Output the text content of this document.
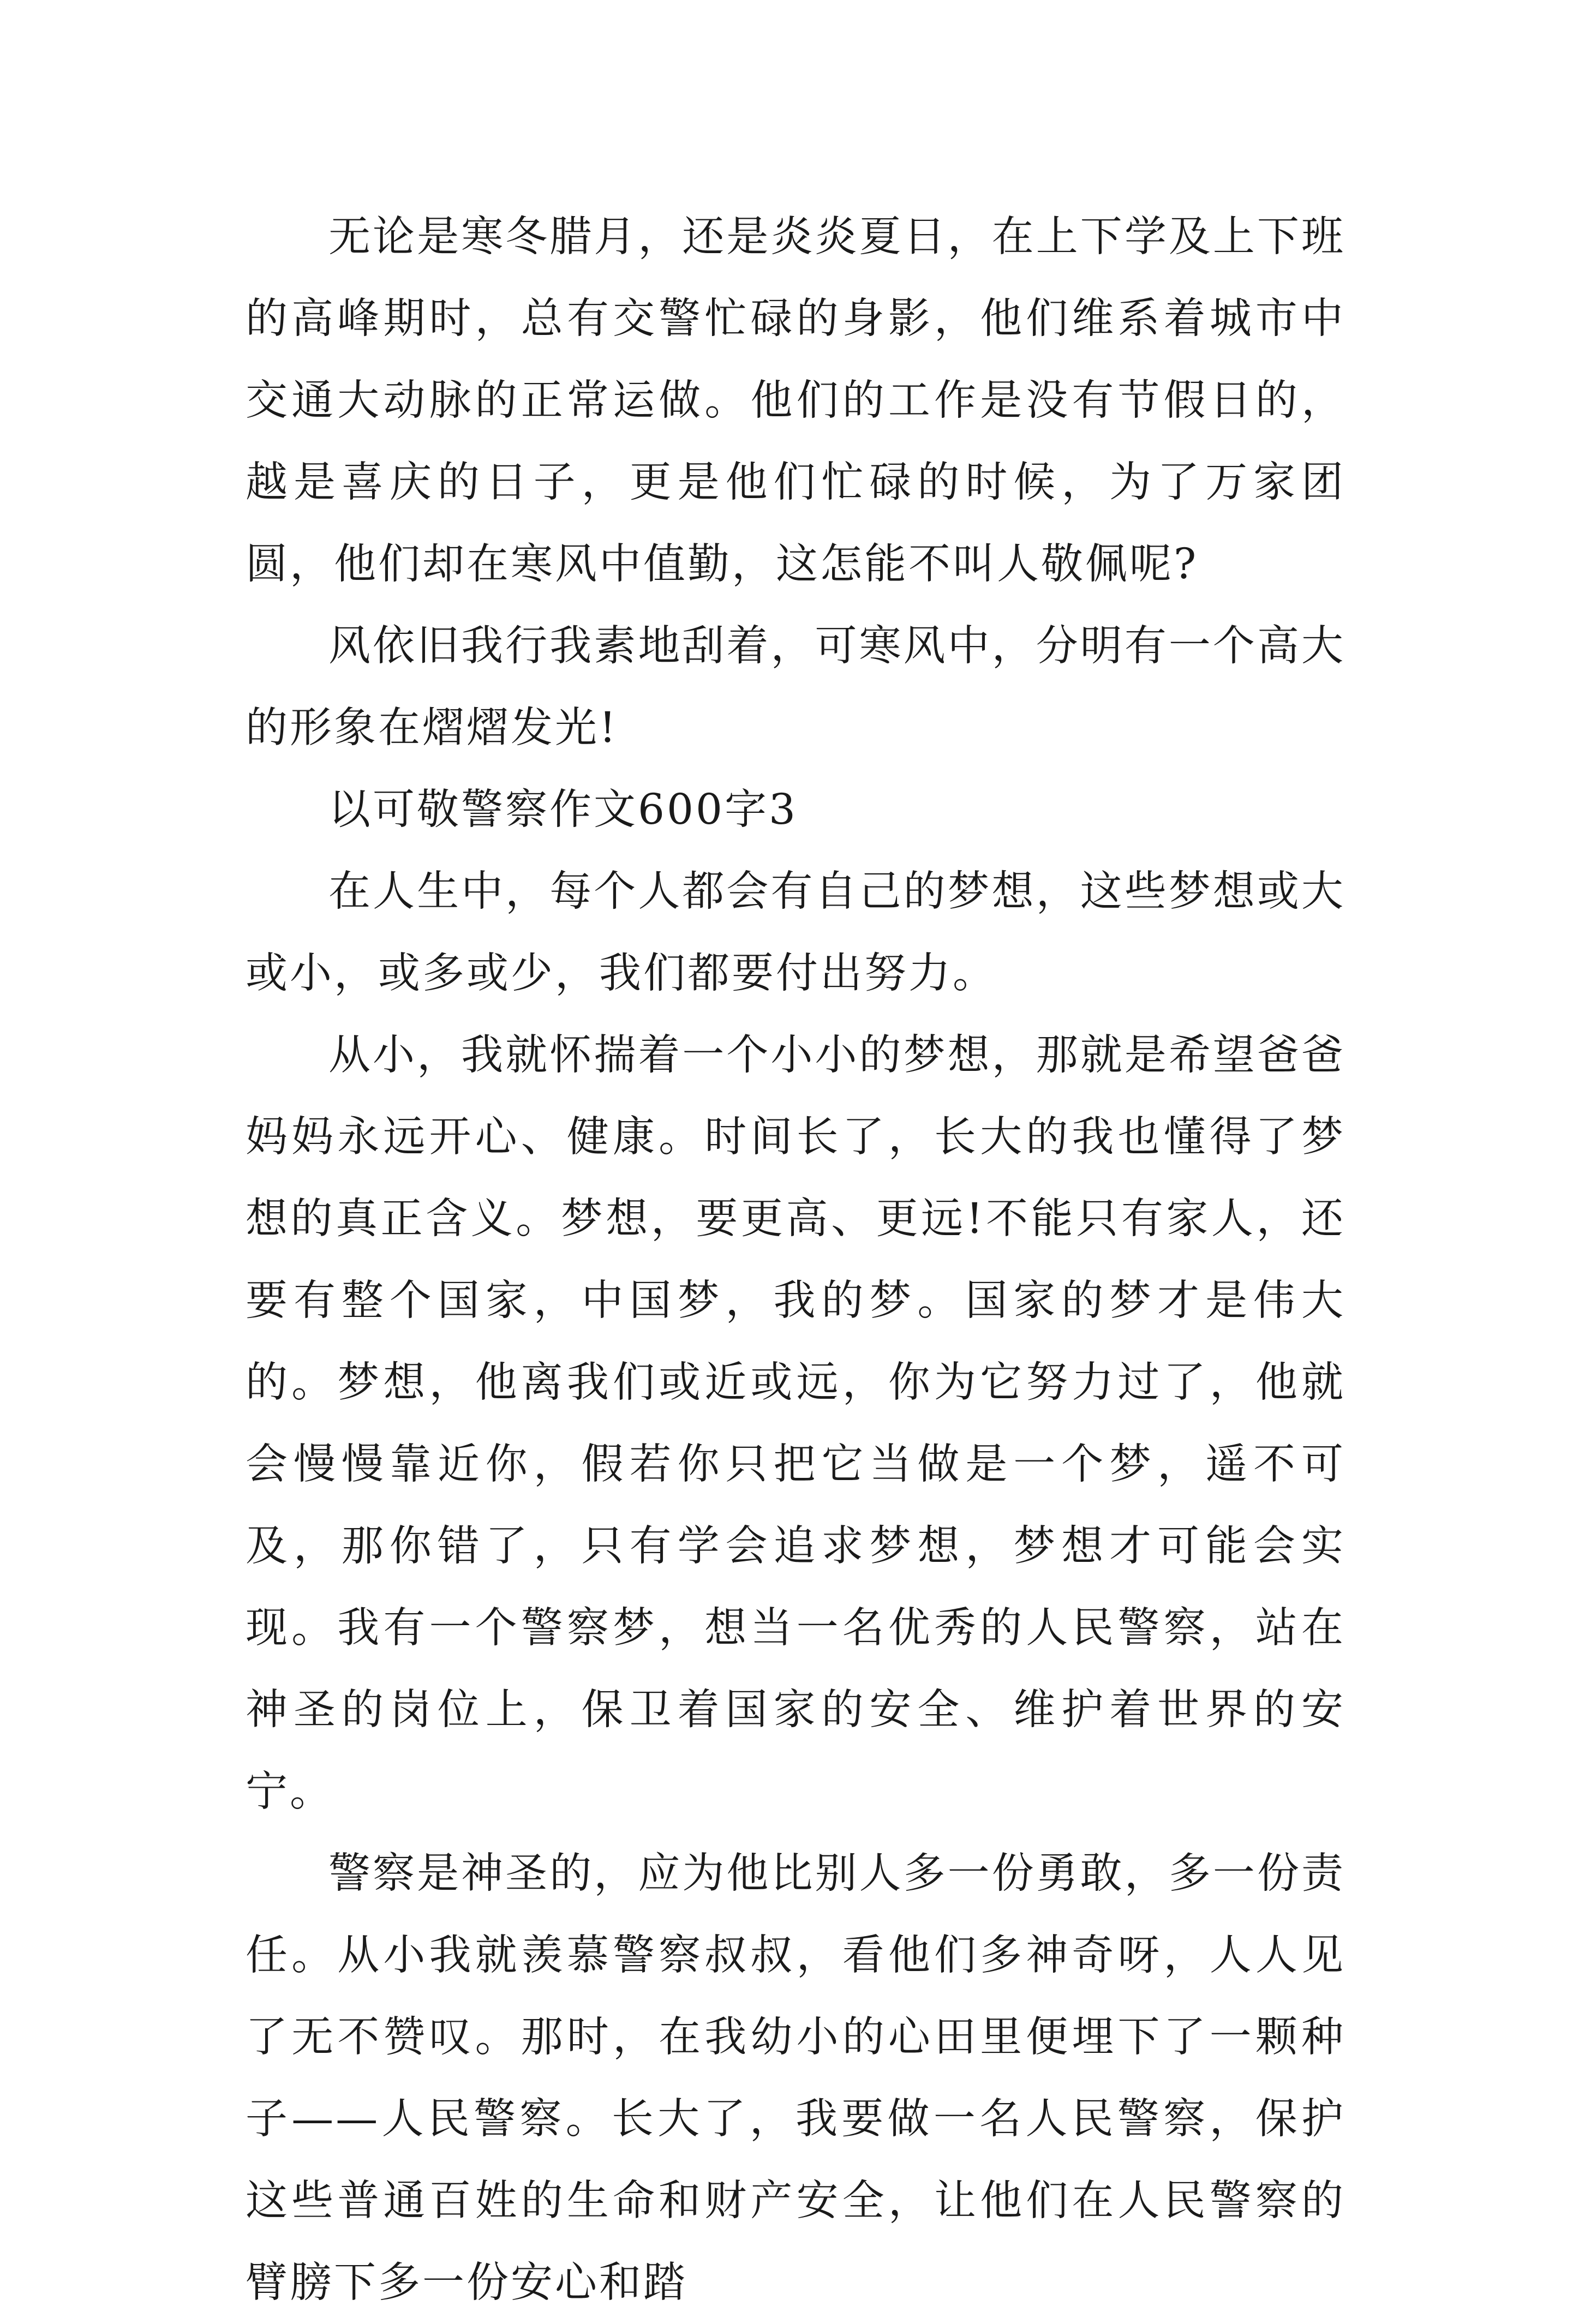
无论是寒冬腊月，还是炎炎夏日，在上下学及上下班的高峰期时，总有交警忙碌的身影，他们维系着城市中交通大动脉的正常运做。他们的工作是没有节假日的，越是喜庆的日子，更是他们忙碌的时候，为了万家团圆，他们却在寒风中值勤，这怎能不叫人敬佩呢?

风依旧我行我素地刮着，可寒风中，分明有一个高大的形象在熠熠发光!

以可敬警察作文600字3

在人生中，每个人都会有自己的梦想，这些梦想或大或小，或多或少，我们都要付出努力。

从小，我就怀揣着一个小小的梦想，那就是希望爸爸妈妈永远开心、健康。时间长了，长大的我也懂得了梦想的真正含义。梦想，要更高、更远!不能只有家人，还要有整个国家，中国梦，我的梦。国家的梦才是伟大的。梦想，他离我们或近或远，你为它努力过了，他就会慢慢靠近你，假若你只把它当做是一个梦，遥不可及，那你错了，只有学会追求梦想，梦想才可能会实现。我有一个警察梦，想当一名优秀的人民警察，站在神圣的岗位上，保卫着国家的安全、维护着世界的安宁。

警察是神圣的，应为他比别人多一份勇敢，多一份责任。从小我就羡慕警察叔叔，看他们多神奇呀，人人见了无不赞叹。那时，在我幼小的心田里便埋下了一颗种子——人民警察。长大了，我要做一名人民警察，保护这些普通百姓的生命和财产安全，让他们在人民警察的臂膀下多一份安心和踏
